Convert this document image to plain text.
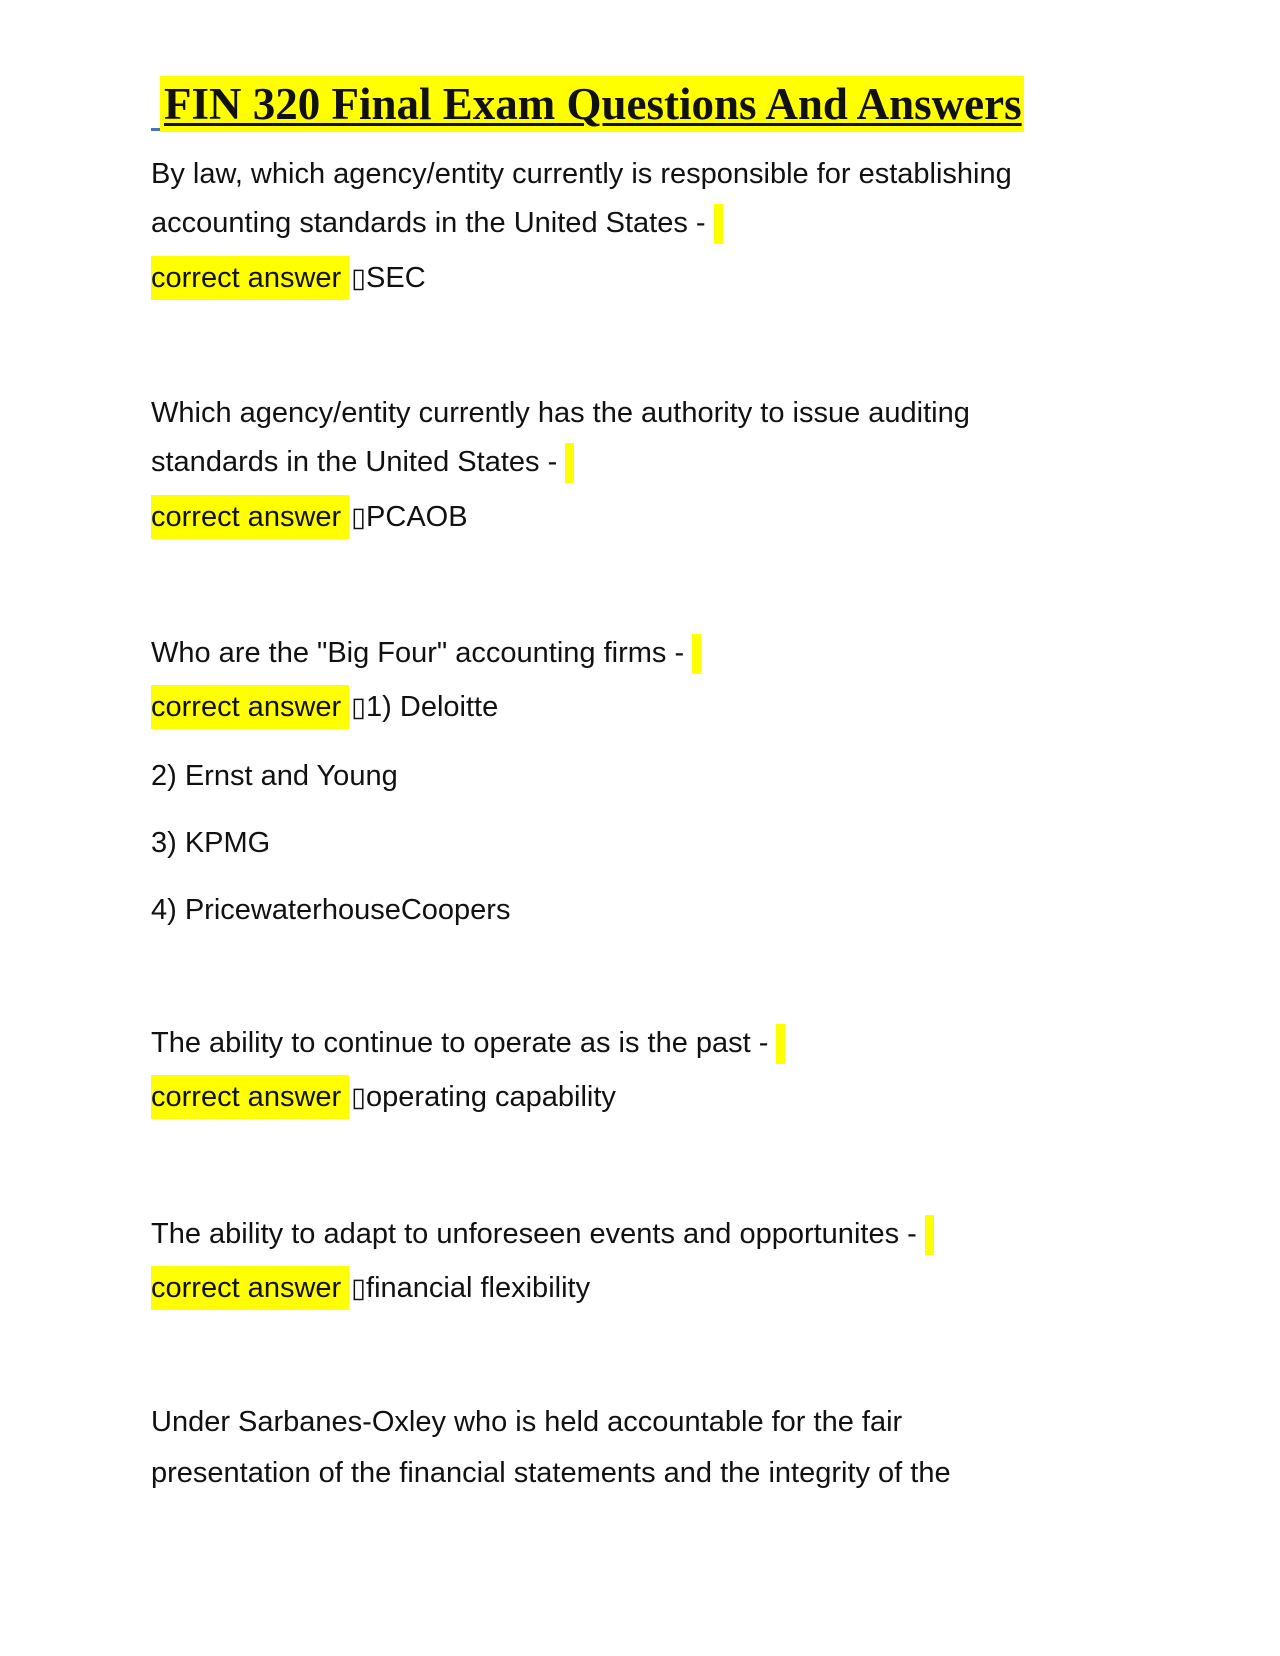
FIN 320 Final Exam Questions And Answers
By law, which agency/entity currently is responsible for establishing
accounting standards in the United States -
correct answer ▯SEC
Which agency/entity currently has the authority to issue auditing
standards in the United States -
correct answer ▯PCAOB
Who are the "Big Four" accounting firms -
correct answer ▯1) Deloitte
2) Ernst and Young
3) KPMG
4) PricewaterhouseCoopers
The ability to continue to operate as is the past -
correct answer ▯operating capability
The ability to adapt to unforeseen events and opportunites -
correct answer ▯financial flexibility
Under Sarbanes-Oxley who is held accountable for the fair
presentation of the financial statements and the integrity of the
